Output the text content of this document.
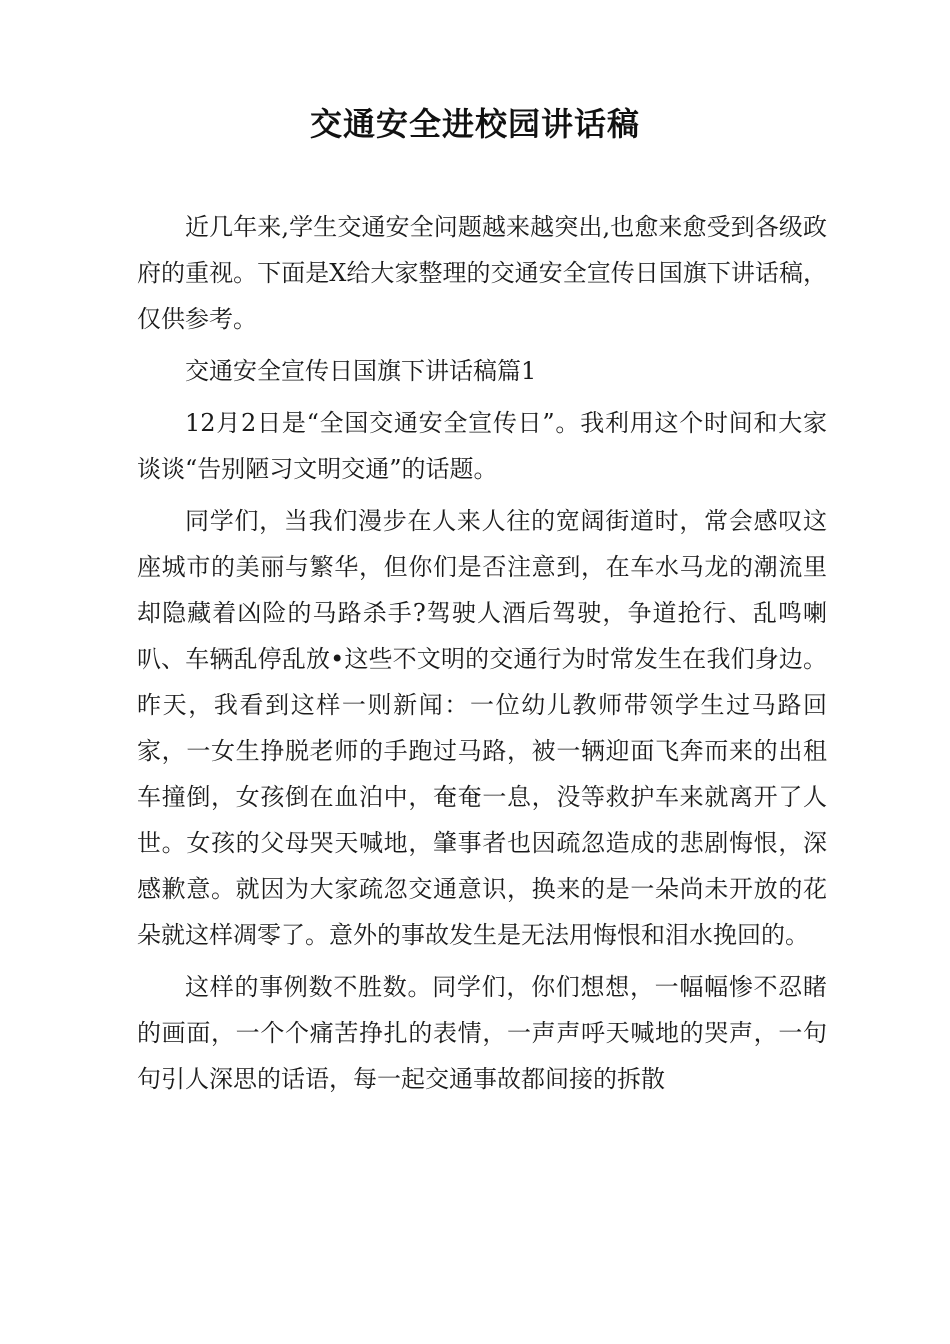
交通安全进校园讲话稿

近几年来,学生交通安全问题越来越突出,也愈来愈受到各级政府的重视。下面是X给大家整理的交通安全宣传日国旗下讲话稿，仅供参考。

交通安全宣传日国旗下讲话稿篇1

12月2日是“全国交通安全宣传日”。我利用这个时间和大家谈谈“告别陋习文明交通”的话题。

同学们，当我们漫步在人来人往的宽阔街道时，常会感叹这座城市的美丽与繁华，但你们是否注意到，在车水马龙的潮流里却隐藏着凶险的马路杀手?驾驶人酒后驾驶，争道抢行、乱鸣喇叭、车辆乱停乱放•这些不文明的交通行为时常发生在我们身边。昨天，我看到这样一则新闻：一位幼儿教师带领学生过马路回家，一女生挣脱老师的手跑过马路，被一辆迎面飞奔而来的出租车撞倒，女孩倒在血泊中，奄奄一息，没等救护车来就离开了人世。女孩的父母哭天喊地，肇事者也因疏忽造成的悲剧悔恨，深感歉意。就因为大家疏忽交通意识，换来的是一朵尚未开放的花朵就这样凋零了。意外的事故发生是无法用悔恨和泪水挽回的。

这样的事例数不胜数。同学们，你们想想，一幅幅惨不忍睹的画面，一个个痛苦挣扎的表情，一声声呼天喊地的哭声，一句句引人深思的话语，每一起交通事故都间接的拆散
